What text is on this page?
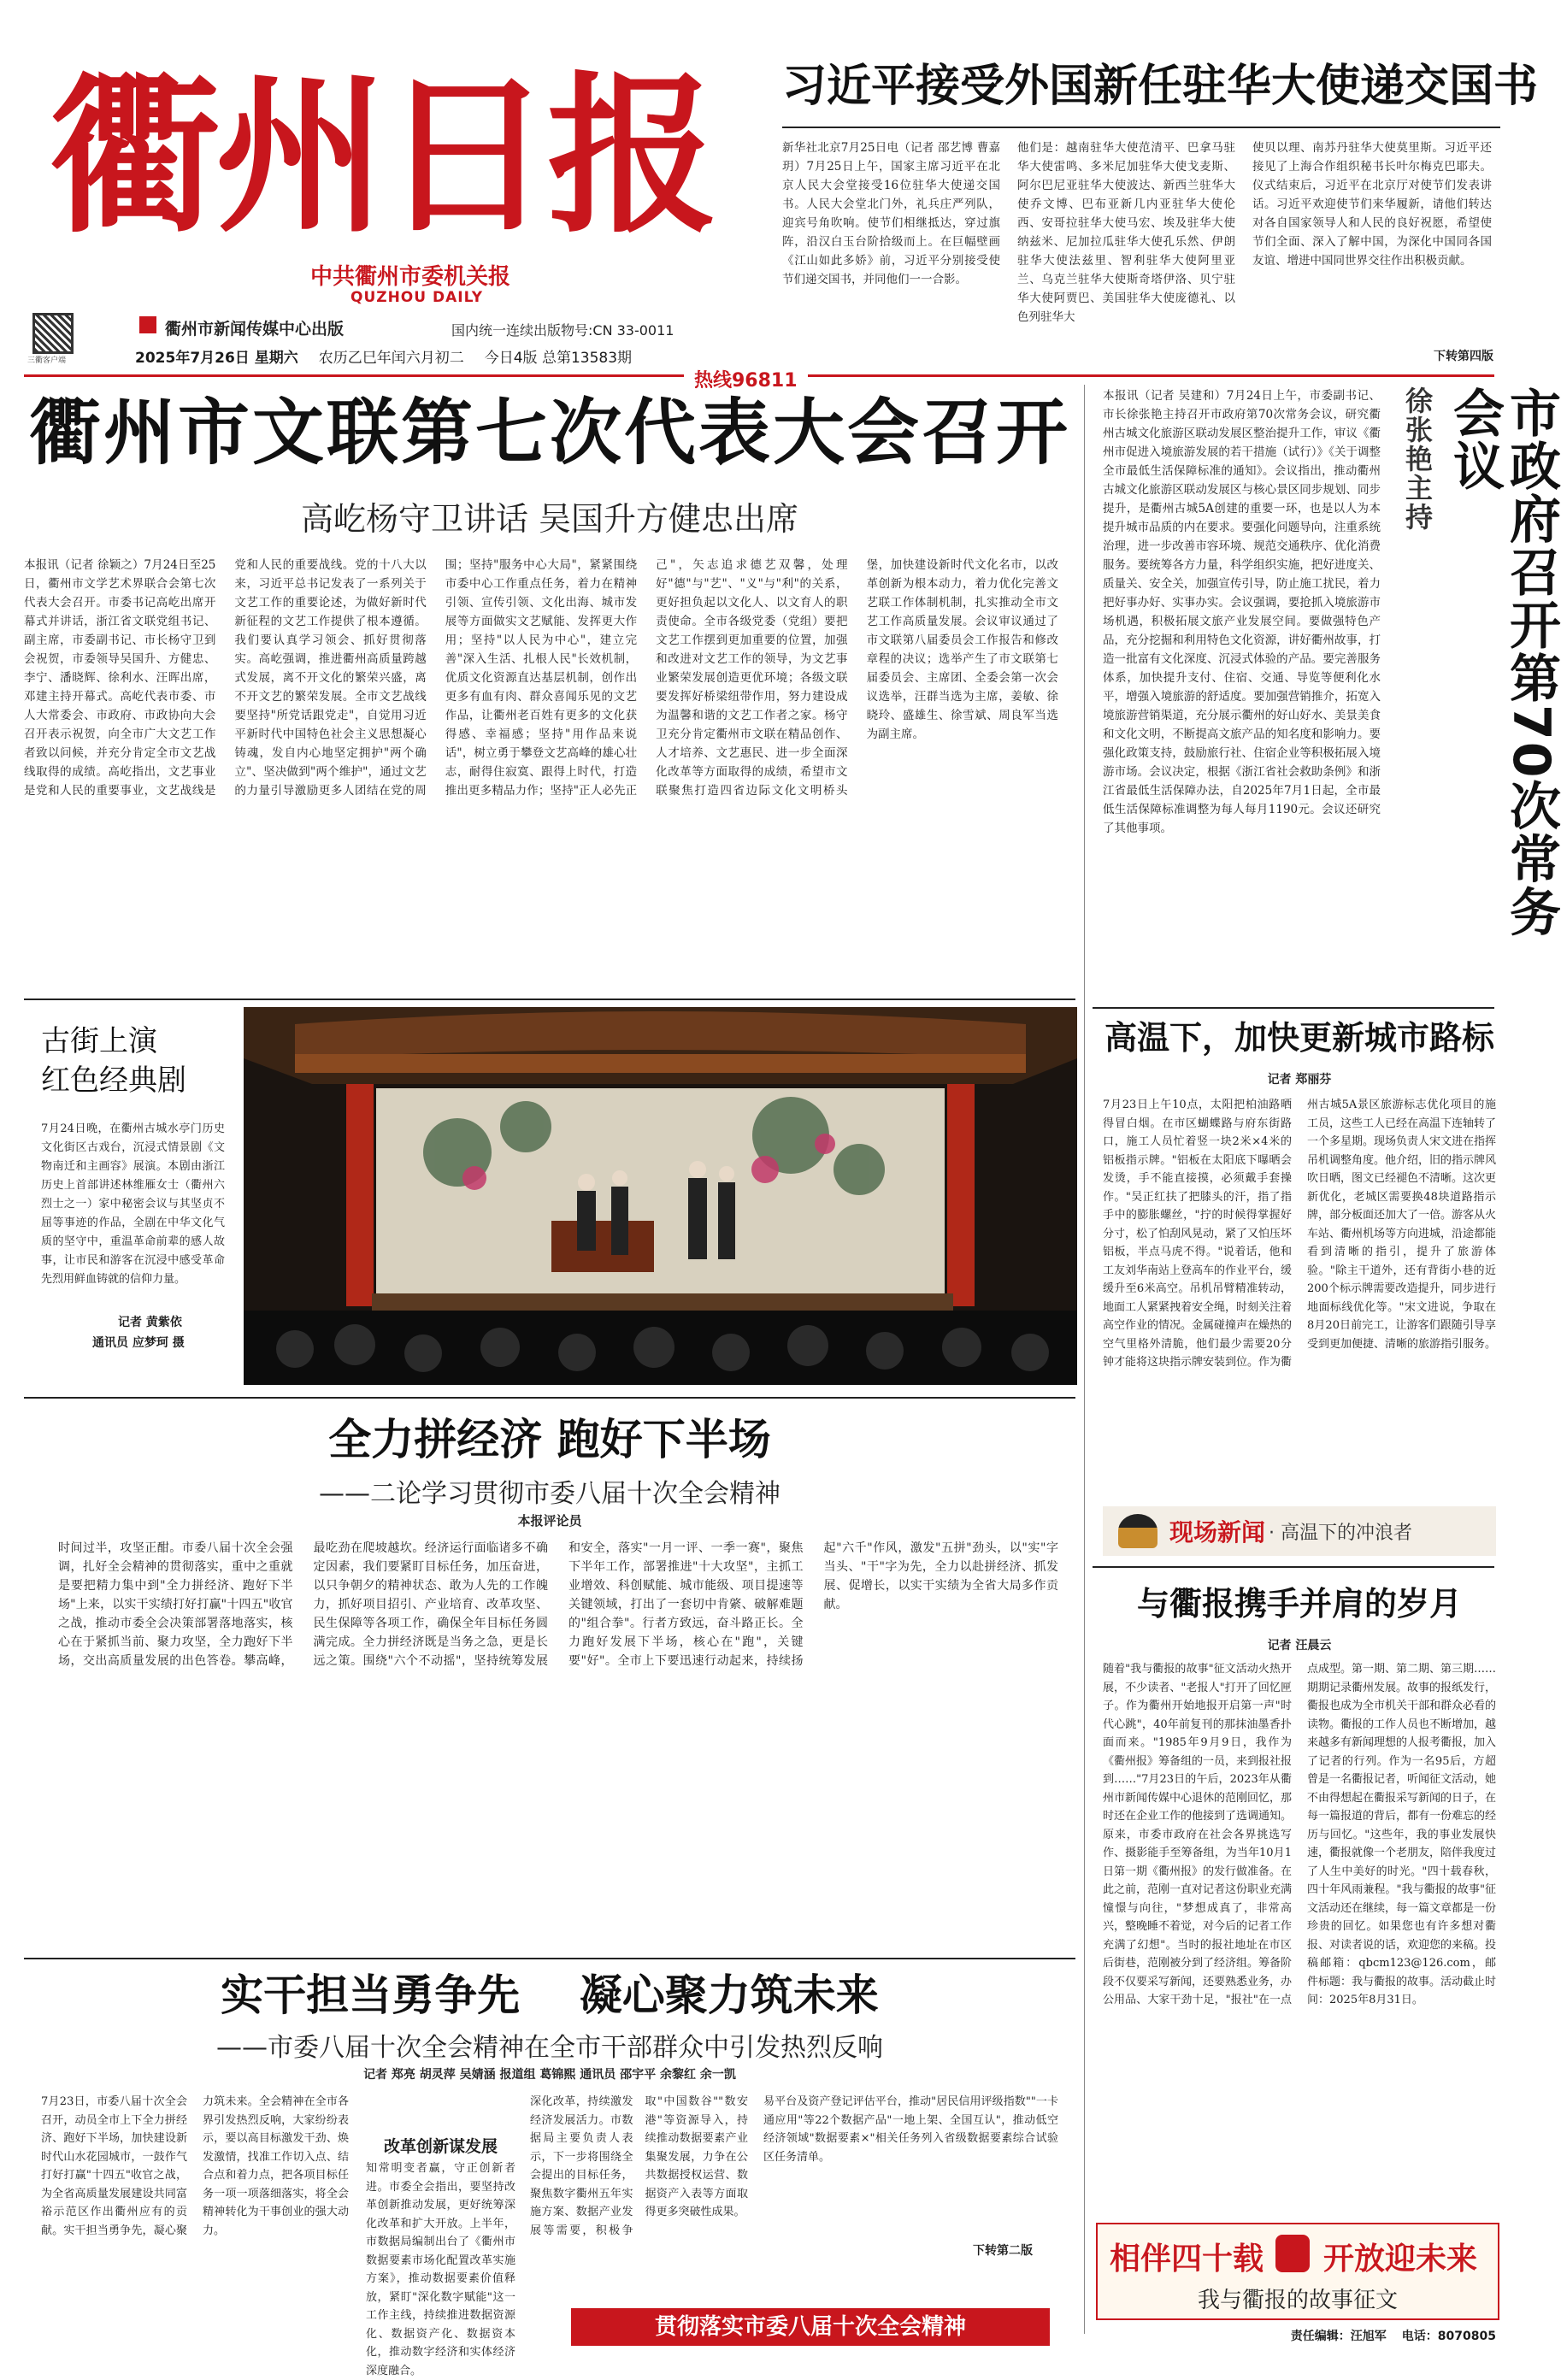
衢州日报
中共衢州市委机关报
QUZHOU DAILY
三衢客户端
衢州市新闻传媒中心出版	国内统一连续出版物号:CN 33-0011
2025年7月26日 星期六 农历乙巳年闰六月初二 今日4版 总第13583期
热线96811
习近平接受外国新任驻华大使递交国书
新华社北京7月25日电（记者 邵艺博 曹嘉玥）7月25日上午，国家主席习近平在北京人民大会堂接受16位驻华大使递交国书。人民大会堂北门外，礼兵庄严列队，迎宾号角吹响。使节们相继抵达，穿过旗阵，沿汉白玉台阶拾级而上。在巨幅壁画《江山如此多娇》前，习近平分别接受使节们递交国书，并同他们一一合影。
他们是：越南驻华大使范清平、巴拿马驻华大使雷鸣、多米尼加驻华大使戈麦斯、阿尔巴尼亚驻华大使波达、新西兰驻华大使乔文博、巴布亚新几内亚驻华大使伦西、安哥拉驻华大使马宏、埃及驻华大使纳兹米、尼加拉瓜驻华大使孔乐然、伊朗驻华大使法兹里、智利驻华大使阿里亚兰、乌克兰驻华大使斯奇塔伊洛、贝宁驻华大使阿贾巴、美国驻华大使庞德礼、以色列驻华大
使贝以理、南苏丹驻华大使莫里斯。习近平还接见了上海合作组织秘书长叶尔梅克巴耶夫。仪式结束后，习近平在北京厅对使节们发表讲话。习近平欢迎使节们来华履新，请他们转达对各自国家领导人和人民的良好祝愿，希望使节们全面、深入了解中国，为深化中国同各国友谊、增进中国同世界交往作出积极贡献。
下转第四版
衢州市文联第七次代表大会召开
高屹杨守卫讲话 吴国升方健忠出席
本报讯（记者 徐颖之）7月24日至25日，衢州市文学艺术界联合会第七次代表大会召开。市委书记高屹出席开幕式并讲话，浙江省文联党组书记、副主席，市委副书记、市长杨守卫到会祝贺，市委领导吴国升、方健忠、李宁、潘晓辉、徐利水、汪晖出席，邓建主持开幕式。高屹代表市委、市人大常委会、市政府、市政协向大会召开表示祝贺，向全市广大文艺工作者致以问候，并充分肯定全市文艺战线取得的成绩。高屹指出，文艺事业是党和人民的重要事业，文艺战线是党和人民的重要战线。党的十八大以来，习近平总书记发表了一系列关于文艺工作的重要论述，为做好新时代新征程的文艺工作提供了根本遵循。我们要认真学习领会、抓好贯彻落实。高屹强调，推进衢州高质量跨越式发展，离不开文化的繁荣兴盛，离不开文艺的繁荣发展。全市文艺战线要坚持"所党话跟党走"，自觉用习近平新时代中国特色社会主义思想凝心铸魂，发自内心地坚定拥护"两个确立"、坚决做到"两个维护"，通过文艺的力量引导激励更多人团结在党的周围；坚持"服务中心大局"，紧紧围绕市委中心工作重点任务，着力在精神引领、宣传引领、文化出海、城市发展等方面做实文艺赋能、发挥更大作用；坚持"以人民为中心"，建立完善"深入生活、扎根人民"长效机制，优质文化资源直达基层机制，创作出更多有血有肉、群众喜闻乐见的文艺作品，让衢州老百姓有更多的文化获得感、幸福感；坚持"用作品来说话"，树立勇于攀登文艺高峰的雄心壮志，耐得住寂寞、跟得上时代，打造推出更多精品力作；坚持"正人必先正己"，矢志追求德艺双馨，处理好"德"与"艺"、"义"与"利"的关系，更好担负起以文化人、以文育人的职责使命。全市各级党委（党组）要把文艺工作摆到更加重要的位置，加强和改进对文艺工作的领导，为文艺事业繁荣发展创造更优环境；各级文联要发挥好桥梁纽带作用，努力建设成为温馨和谐的文艺工作者之家。杨守卫充分肯定衢州市文联在精品创作、人才培养、文艺惠民、进一步全面深化改革等方面取得的成绩，希望市文联聚焦打造四省边际文化文明桥头堡，加快建设新时代文化名市，以改革创新为根本动力，着力优化完善文艺联工作体制机制，扎实推动全市文艺工作高质量发展。会议审议通过了市文联第八届委员会工作报告和修改章程的决议；选举产生了市文联第七届委员会、主席团、全委会第一次会议选举，汪群当选为主席，姜敏、徐晓玲、盛雄生、徐雪斌、周良军当选为副主席。
本报讯（记者 吴建和）7月24日上午，市委副书记、市长徐张艳主持召开市政府第70次常务会议，研究衢州古城文化旅游区联动发展区整治提升工作，审议《衢州市促进入境旅游发展的若干措施（试行）》《关于调整全市最低生活保障标准的通知》。会议指出，推动衢州古城文化旅游区联动发展区与核心景区同步规划、同步提升，是衢州古城5A创建的重要一环，也是以人为本提升城市品质的内在要求。要强化问题导向，注重系统治理，进一步改善市容环境、规范交通秩序、优化消费服务。要统筹各方力量，科学组织实施，把好进度关、质量关、安全关，加强宣传引导，防止施工扰民，着力把好事办好、实事办实。会议强调，要抢抓入境旅游市场机遇，积极拓展文旅产业发展空间。要做强特色产品，充分挖掘和利用特色文化资源，讲好衢州故事，打造一批富有文化深度、沉浸式体验的产品。要完善服务体系，加快提升支付、住宿、交通、导览等便利化水平，增强入境旅游的舒适度。要加强营销推介，拓宽入境旅游营销渠道，充分展示衢州的好山好水、美景美食和文化文明，不断提高文旅产品的知名度和影响力。要强化政策支持，鼓励旅行社、住宿企业等积极拓展入境游市场。会议决定，根据《浙江省社会救助条例》和浙江省最低生活保障办法，自2025年7月1日起，全市最低生活保障标准调整为每人每月1190元。会议还研究了其他事项。	市政府召开第70次常务会议
徐张艳主持
古街上演
红色经典剧
7月24日晚，在衢州古城水亭门历史文化街区古戏台，沉浸式情景剧《文物南迁和主画容》展演。本剧由浙江历史上首部讲述林维雁女士（衢州六烈士之一）家中秘密会议与其坚贞不屈等事迹的作品，全剧在中华文化气质的坚守中，重温革命前辈的感人故事，让市民和游客在沉浸中感受革命先烈用鲜血铸就的信仰力量。
记者 黄紫依
通讯员 应梦珂 摄
全力拼经济 跑好下半场
——二论学习贯彻市委八届十次全会精神
本报评论员
时间过半，攻坚正酣。市委八届十次全会强调，扎好全会精神的贯彻落实，重中之重就是要把精力集中到"全力拼经济、跑好下半场"上来，以实干实绩打好打赢"十四五"收官之战，推动市委全会决策部署落地落实，核心在于紧抓当前、聚力攻坚，全力跑好下半场，交出高质量发展的出色答卷。攀高峰，最吃劲在爬坡越坎。经济运行面临诸多不确定因素，我们要紧盯目标任务，加压奋进，以只争朝夕的精神状态、敢为人先的工作魄力，抓好项目招引、产业培育、改革攻坚、民生保障等各项工作，确保全年目标任务圆满完成。全力拼经济既是当务之急，更是长远之策。围绕"六个不动摇"，坚持统筹发展和安全，落实"一月一评、一季一赛"，聚焦下半年工作，部署推进"十大攻坚"，主抓工业增效、科创赋能、城市能级、项目提速等关键领域，打出了一套切中肯綮、破解难题的"组合拳"。行者方致远，奋斗路正长。全力跑好发展下半场，核心在"跑"，关键要"好"。全市上下要迅速行动起来，持续扬起"六千"作风，激发"五拼"劲头，以"实"字当头、"干"字为先，全力以赴拼经济、抓发展、促增长，以实干实绩为全省大局多作贡献。
高温下，加快更新城市路标
记者 郑丽芬
7月23日上午10点，太阳把柏油路晒得冒白烟。在市区蝴蝶路与府东街路口，施工人员忙着竖一块2米×4米的铝板指示牌。"铝板在太阳底下曝晒会发烫，手不能直接摸，必须戴手套操作。"吴正红扶了把膝头的汗，指了指手中的膨胀螺丝，"拧的时候得掌握好分寸，松了怕刮风晃动，紧了又怕压坏铝板，半点马虎不得。"说着话，他和工友刘华南站上登高车的作业平台，缓缓升至6米高空。吊机吊臂精准转动，地面工人紧紧拽着安全绳，时刻关注着高空作业的情况。金属碰撞声在燥热的空气里格外清脆，他们最少需要20分钟才能将这块指示牌安装到位。作为衢州古城5A景区旅游标志优化项目的施工员，这些工人已经在高温下连轴转了一个多星期。现场负责人宋文进在指挥吊机调整角度。他介绍，旧的指示牌风吹日晒，图文已经褪色不清晰。这次更新优化，老城区需要换48块道路指示牌，部分板面还加大了一倍。游客从火车站、衢州机场等方向进城，沿途都能看到清晰的指引，提升了旅游体验。"除主干道外，还有背街小巷的近200个标示牌需要改造提升，同步进行地面标线优化等。"宋文进说，争取在8月20日前完工，让游客们跟随引导享受到更加便捷、清晰的旅游指引服务。
现场新闻 · 高温下的冲浪者
与衢报携手并肩的岁月
记者 汪晨云
随着"我与衢报的故事"征文活动火热开展，不少读者、"老报人"打开了回忆匣子。作为衢州开始地报开启第一声"时代心跳"，40年前复刊的那抹油墨香扑面而来。"1985年9月9日，我作为《衢州报》筹备组的一员，来到报社报到……"7月23日的午后，2023年从衢州市新闻传媒中心退休的范刚回忆，那时还在企业工作的他接到了选调通知。原来，市委市政府在社会各界挑选写作、摄影能手至筹备组，为当年10月1日第一期《衢州报》的发行做准备。在此之前，范刚一直对记者这份职业充满憧憬与向往，"梦想成真了，非常高兴，整晚睡不着觉，对今后的记者工作充满了幻想"。当时的报社地址在市区后街巷，范刚被分到了经济组。筹备阶段不仅要采写新闻，还要熟悉业务，办公用品、大家干劲十足，"报社"在一点点成型。第一期、第二期、第三期……期期记录衢州发展。故事的报纸发行，衢报也成为全市机关干部和群众必看的读物。衢报的工作人员也不断增加，越来越多有新闻理想的人报考衢报，加入了记者的行列。作为一名95后，方超曾是一名衢报记者，听闻征文活动，她不由得想起在衢报采写新闻的日子，在每一篇报道的背后，都有一份难忘的经历与回忆。"这些年，我的事业发展快速，衢报就像一个老朋友，陪伴我度过了人生中美好的时光。"四十载春秋，四十年风雨兼程。"我与衢报的故事"征文活动还在继续，每一篇文章都是一份珍贵的回忆。如果您也有许多想对衢报、对读者说的话，欢迎您的来稿。投稿邮箱：qbcm123@126.com，邮件标题：我与衢报的故事。活动截止时间：2025年8月31日。
相伴四十载 开放迎未来
我与衢报的故事征文
实干担当勇争先    凝心聚力筑未来
——市委八届十次全会精神在全市干部群众中引发热烈反响
记者 郑亮 胡灵萍 吴婧涵 报道组 葛锦熙 通讯员 邵宇平 余黎红 余一凯
7月23日，市委八届十次全会召开，动员全市上下全力拼经济、跑好下半场，加快建设新时代山水花园城市，一鼓作气打好打赢"十四五"收官之战，为全省高质量发展建设共同富裕示范区作出衢州应有的贡献。实干担当勇争先，凝心聚力筑未来。全会精神在全市各界引发热烈反响，大家纷纷表示，要以高目标激发干劲、焕发激情，找准工作切入点、结合点和着力点，把各项目标任务一项一项落细落实，将全会精神转化为干事创业的强大动力。
改革创新谋发展
知常明变者赢，守正创新者进。市委全会指出，要坚持改革创新推动发展，更好统筹深化改革和扩大开放。上半年，市数据局编制出台了《衢州市数据要素市场化配置改革实施方案》，推动数据要素价值释放，紧盯"深化数字赋能"这一工作主线，持续推进数据资源化、数据资产化、数据资本化，推动数字经济和实体经济深度融合。
深化改革，持续激发经济发展活力。市数据局主要负责人表示，下一步将围绕全会提出的目标任务，聚焦数字衢州五年实施方案、数据产业发展等需要，积极争取"中国数谷""数安港"等资源导入，持续推动数据要素产业集聚发展，力争在公共数据授权运营、数据资产入表等方面取得更多突破性成果。
易平台及资产登记评估平台，推动"居民信用评级指数""一卡通应用"等22个数据产品"一地上架、全国互认"，推动低空经济领域"数据要素×"相关任务列入省级数据要素综合试验区任务清单。
下转第二版
贯彻落实市委八届十次全会精神	责任编辑：汪旭军 电话：8070805
